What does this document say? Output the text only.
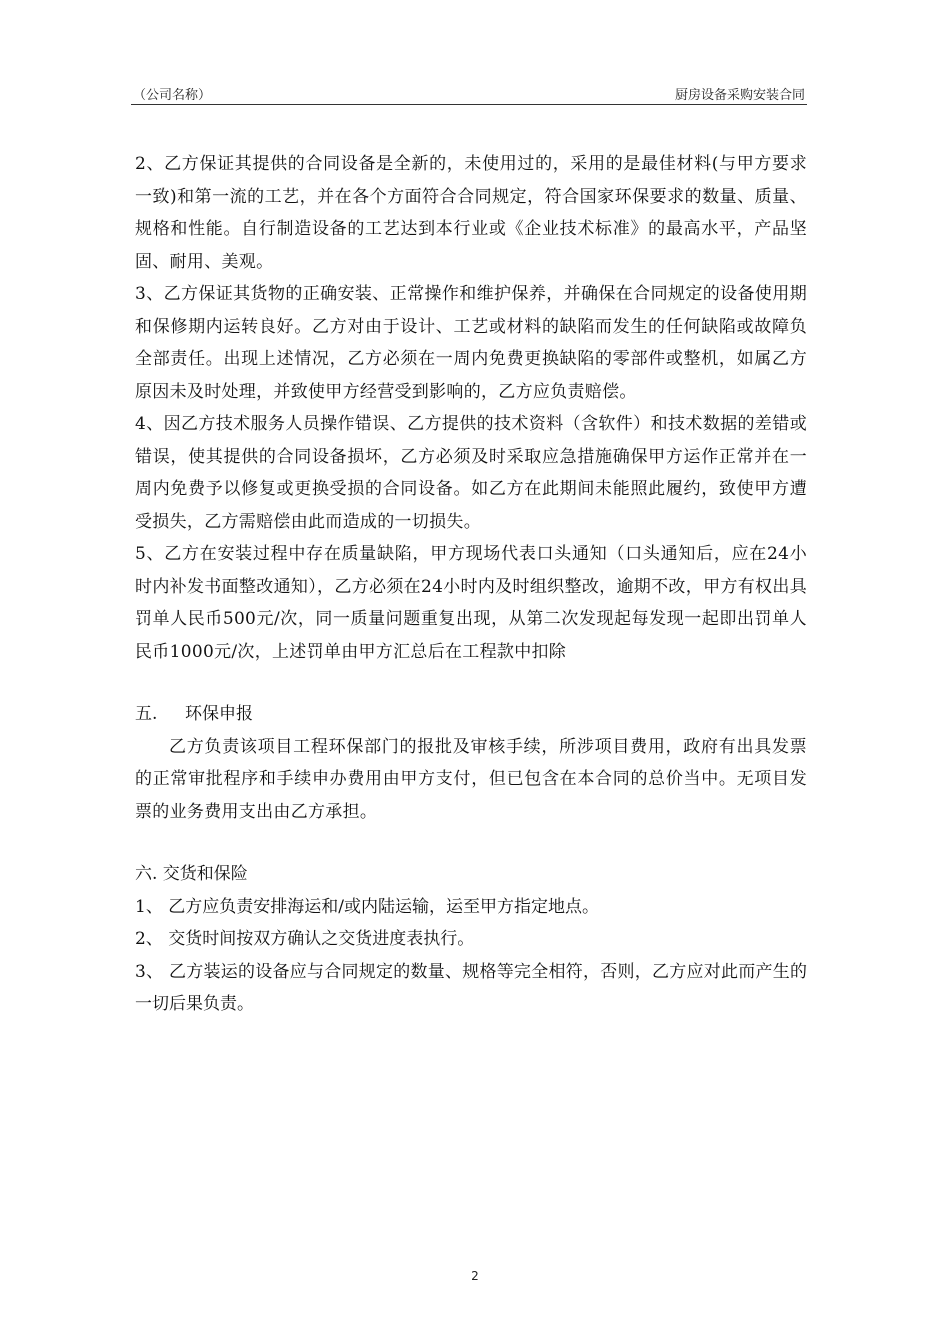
（公司名称）	厨房设备采购安装合同

2、乙方保证其提供的合同设备是全新的，未使用过的，采用的是最佳材料(与甲方要求一致)和第一流的工艺，并在各个方面符合合同规定，符合国家环保要求的数量、质量、规格和性能。自行制造设备的工艺达到本行业或《企业技术标准》的最高水平，产品坚固、耐用、美观。

3、乙方保证其货物的正确安装、正常操作和维护保养，并确保在合同规定的设备使用期和保修期内运转良好。乙方对由于设计、工艺或材料的缺陷而发生的任何缺陷或故障负全部责任。出现上述情况，乙方必须在一周内免费更换缺陷的零部件或整机，如属乙方原因未及时处理，并致使甲方经营受到影响的，乙方应负责赔偿。

4、因乙方技术服务人员操作错误、乙方提供的技术资料（含软件）和技术数据的差错或错误，使其提供的合同设备损坏，乙方必须及时采取应急措施确保甲方运作正常并在一周内免费予以修复或更换受损的合同设备。如乙方在此期间未能照此履约，致使甲方遭受损失，乙方需赔偿由此而造成的一切损失。

5、乙方在安装过程中存在质量缺陷，甲方现场代表口头通知（口头通知后，应在24小时内补发书面整改通知），乙方必须在24小时内及时组织整改，逾期不改，甲方有权出具罚单人民币500元/次，同一质量问题重复出现，从第二次发现起每发现一起即出罚单人民币1000元/次，上述罚单由甲方汇总后在工程款中扣除

五. 环保申报

乙方负责该项目工程环保部门的报批及审核手续，所涉项目费用，政府有出具发票的正常审批程序和手续申办费用由甲方支付，但已包含在本合同的总价当中。无项目发票的业务费用支出由乙方承担。

六. 交货和保险

1、 乙方应负责安排海运和/或内陆运输，运至甲方指定地点。

2、 交货时间按双方确认之交货进度表执行。

3、 乙方装运的设备应与合同规定的数量、规格等完全相符，否则，乙方应对此而产生的一切后果负责。

2
